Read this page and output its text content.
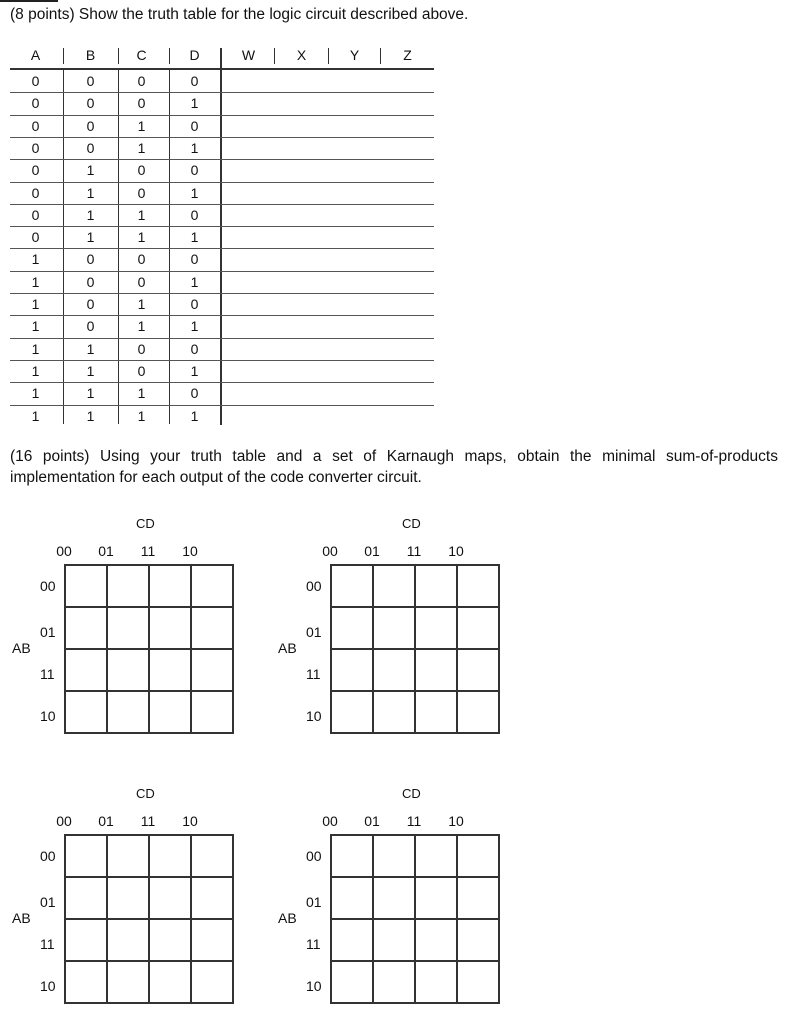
(8 points) Show the truth table for the logic circuit described above.
A	B	C	D	W	X	Y	Z
0	0	0	0
0	0	0	1
0	0	1	0
0	0	1	1
0	1	0	0
0	1	0	1
0	1	1	0
0	1	1	1
1	0	0	0
1	0	0	1
1	0	1	0
1	0	1	1
1	1	0	0
1	1	0	1
1	1	1	0
1	1	1	1
(16 points) Using your truth table and a set of Karnaugh maps, obtain the minimal sum-of-products implementation for each output of the code converter circuit.
CD
00	01	11	10
00
01
11
10
AB
CD
00	01	11	10
00
01
11
10
AB
CD
00	01	11	10
00
01
11
10
AB
CD
00	01	11	10
00
01
11
10
AB
